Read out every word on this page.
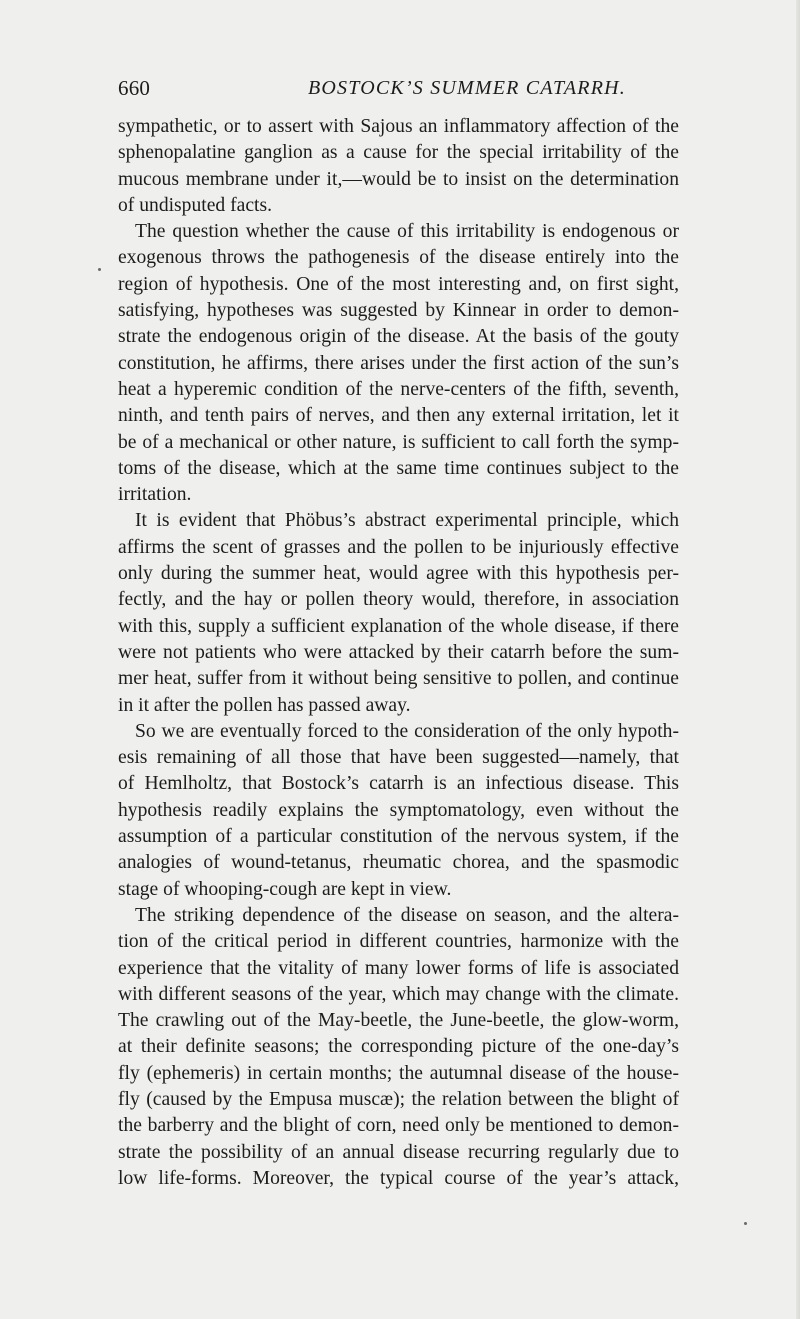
660	BOSTOCK’S SUMMER CATARRH.
sympathetic, or to assert with Sajous an inflammatory affection of the
sphenopalatine ganglion as a cause for the special irritability of the
mucous membrane under it,—would be to insist on the determination
of undisputed facts.
The question whether the cause of this irritability is endogenous or
exogenous throws the pathogenesis of the disease entirely into the
region of hypothesis. One of the most interesting and, on first sight,
satisfying, hypotheses was suggested by Kinnear in order to demon-
strate the endogenous origin of the disease. At the basis of the gouty
constitution, he affirms, there arises under the first action of the sun’s
heat a hyperemic condition of the nerve-centers of the fifth, seventh,
ninth, and tenth pairs of nerves, and then any external irritation, let it
be of a mechanical or other nature, is sufficient to call forth the symp-
toms of the disease, which at the same time continues subject to the
irritation.
It is evident that Phöbus’s abstract experimental principle, which
affirms the scent of grasses and the pollen to be injuriously effective
only during the summer heat, would agree with this hypothesis per-
fectly, and the hay or pollen theory would, therefore, in association
with this, supply a sufficient explanation of the whole disease, if there
were not patients who were attacked by their catarrh before the sum-
mer heat, suffer from it without being sensitive to pollen, and continue
in it after the pollen has passed away.
So we are eventually forced to the consideration of the only hypoth-
esis remaining of all those that have been suggested—namely, that
of Hemlholtz, that Bostock’s catarrh is an infectious disease. This
hypothesis readily explains the symptomatology, even without the
assumption of a particular constitution of the nervous system, if the
analogies of wound-tetanus, rheumatic chorea, and the spasmodic
stage of whooping-cough are kept in view.
The striking dependence of the disease on season, and the altera-
tion of the critical period in different countries, harmonize with the
experience that the vitality of many lower forms of life is associated
with different seasons of the year, which may change with the climate.
The crawling out of the May-beetle, the June-beetle, the glow-worm,
at their definite seasons; the corresponding picture of the one-day’s
fly (ephemeris) in certain months; the autumnal disease of the house-
fly (caused by the Empusa muscæ); the relation between the blight of
the barberry and the blight of corn, need only be mentioned to demon-
strate the possibility of an annual disease recurring regularly due to
low life-forms. Moreover, the typical course of the year’s attack,
